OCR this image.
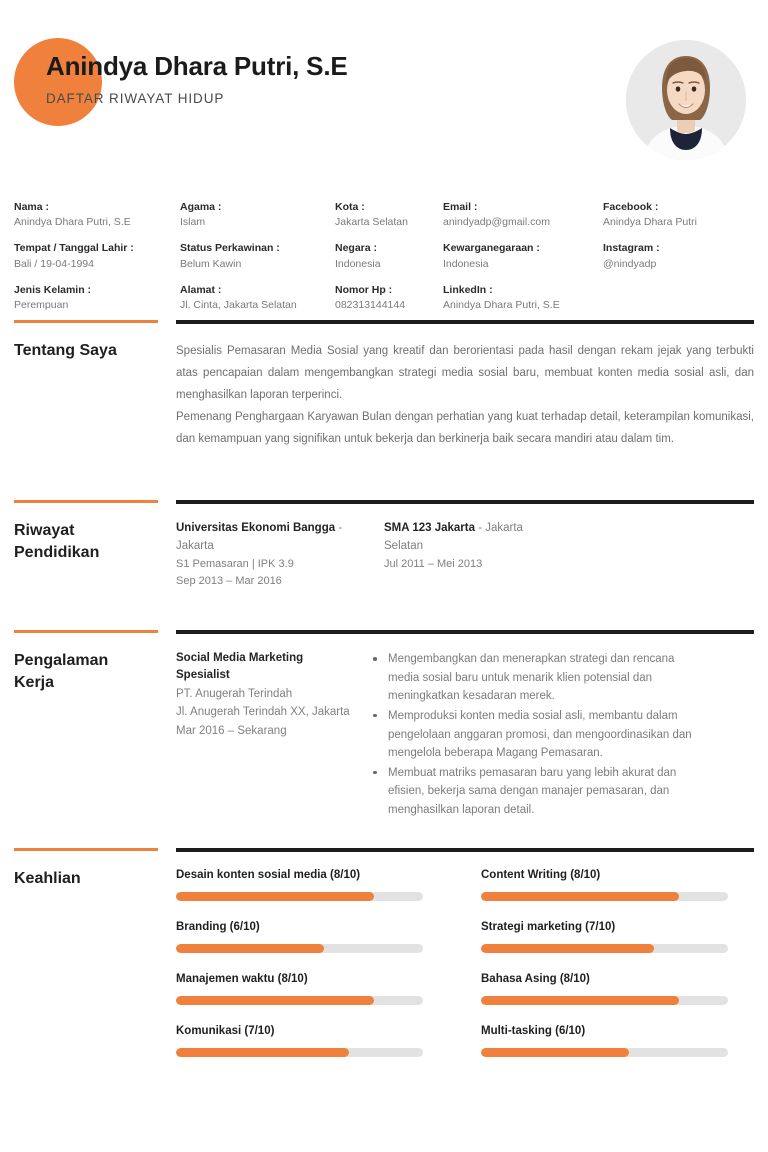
Anindya Dhara Putri, S.E
DAFTAR RIWAYAT HIDUP
Nama :
Anindya Dhara Putri, S.E
Agama :
Islam
Kota :
Jakarta Selatan
Email :
anindyadp@gmail.com
Facebook :
Anindya Dhara Putri
Tempat / Tanggal Lahir :
Bali / 19-04-1994
Status Perkawinan :
Belum Kawin
Negara :
Indonesia
Kewarganegaraan :
Indonesia
Instagram :
@nindyadp
Jenis Kelamin :
Perempuan
Alamat :
Jl. Cinta, Jakarta Selatan
Nomor Hp :
082313144144
LinkedIn :
Anindya Dhara Putri, S.E
Tentang Saya	Spesialis Pemasaran Media Sosial yang kreatif dan berorientasi pada hasil dengan rekam jejak yang terbukti atas pencapaian dalam mengembangkan strategi media sosial baru, membuat konten media sosial asli, dan menghasilkan laporan terperinci.
Pemenang Penghargaan Karyawan Bulan dengan perhatian yang kuat terhadap detail, keterampilan komunikasi, dan kemampuan yang signifikan untuk bekerja dan berkinerja baik secara mandiri atau dalam tim.
Riwayat
Pendidikan
Universitas Ekonomi Bangga - Jakarta
S1 Pemasaran | IPK 3.9
Sep 2013 – Mar 2016
SMA 123 Jakarta - Jakarta Selatan
Jul 2011 – Mei 2013
Pengalaman
Kerja
Social Media Marketing Spesialist
PT. Anugerah Terindah
Jl. Anugerah Terindah XX, Jakarta
Mar 2016 – Sekarang
Mengembangkan dan menerapkan strategi dan rencana media sosial baru untuk menarik klien potensial dan meningkatkan kesadaran merek.
Memproduksi konten media sosial asli, membantu dalam pengelolaan anggaran promosi, dan mengoordinasikan dan mengelola beberapa Magang Pemasaran.
Membuat matriks pemasaran baru yang lebih akurat dan efisien, bekerja sama dengan manajer pemasaran, dan menghasilkan laporan detail.
Keahlian	Desain konten sosial media (8/10)	Content Writing (8/10)
Branding (6/10)	Strategi marketing (7/10)
Manajemen waktu (8/10)	Bahasa Asing (8/10)
Komunikasi (7/10)	Multi-tasking (6/10)
